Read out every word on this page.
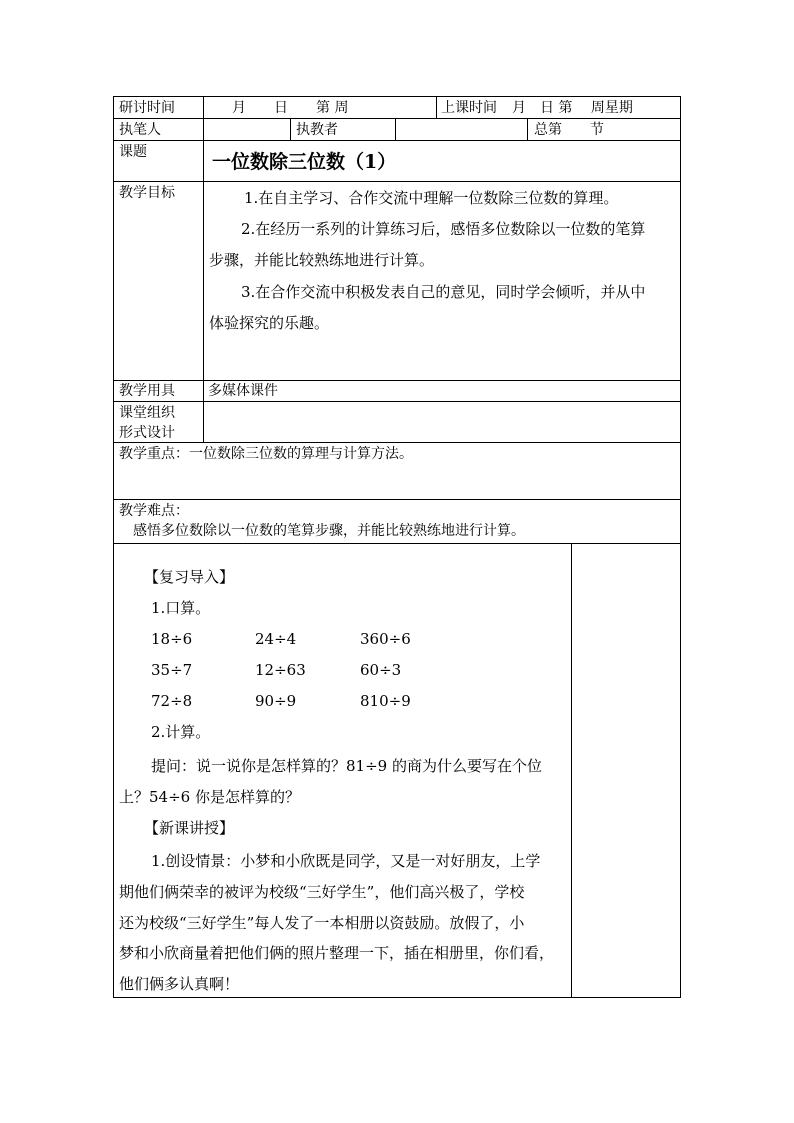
研讨时间	月　　日　　第 周	上课时间 月　日 第　 周星期
执笔人	执教者	总第　　节
课题	一位数除三位数（1）
教学目标	1.在自主学习、合作交流中理解一位数除三位数的算理。
2.在经历一系列的计算练习后，感悟多位数除以一位数的笔算
步骤，并能比较熟练地进行计算。
3.在合作交流中积极发表自己的意见，同时学会倾听，并从中
体验探究的乐趣。
教学用具 多媒体课件
课堂组织
形式设计
教学重点：一位数除三位数的算理与计算方法。
教学难点：
感悟多位数除以一位数的笔算步骤，并能比较熟练地进行计算。
【复习导入】
1.口算。
18÷6	24÷4	360÷6
35÷7	12÷63	60÷3
72÷8	90÷9	810÷9
2.计算。
提问：说一说你是怎样算的？81÷9 的商为什么要写在个位
上？54÷6 你是怎样算的？
【新课讲授】
1.创设情景：小梦和小欣既是同学，又是一对好朋友，上学
期他们俩荣幸的被评为校级“三好学生”，他们高兴极了，学校
还为校级“三好学生”每人发了一本相册以资鼓励。放假了，小
梦和小欣商量着把他们俩的照片整理一下，插在相册里，你们看，
他们俩多认真啊！
